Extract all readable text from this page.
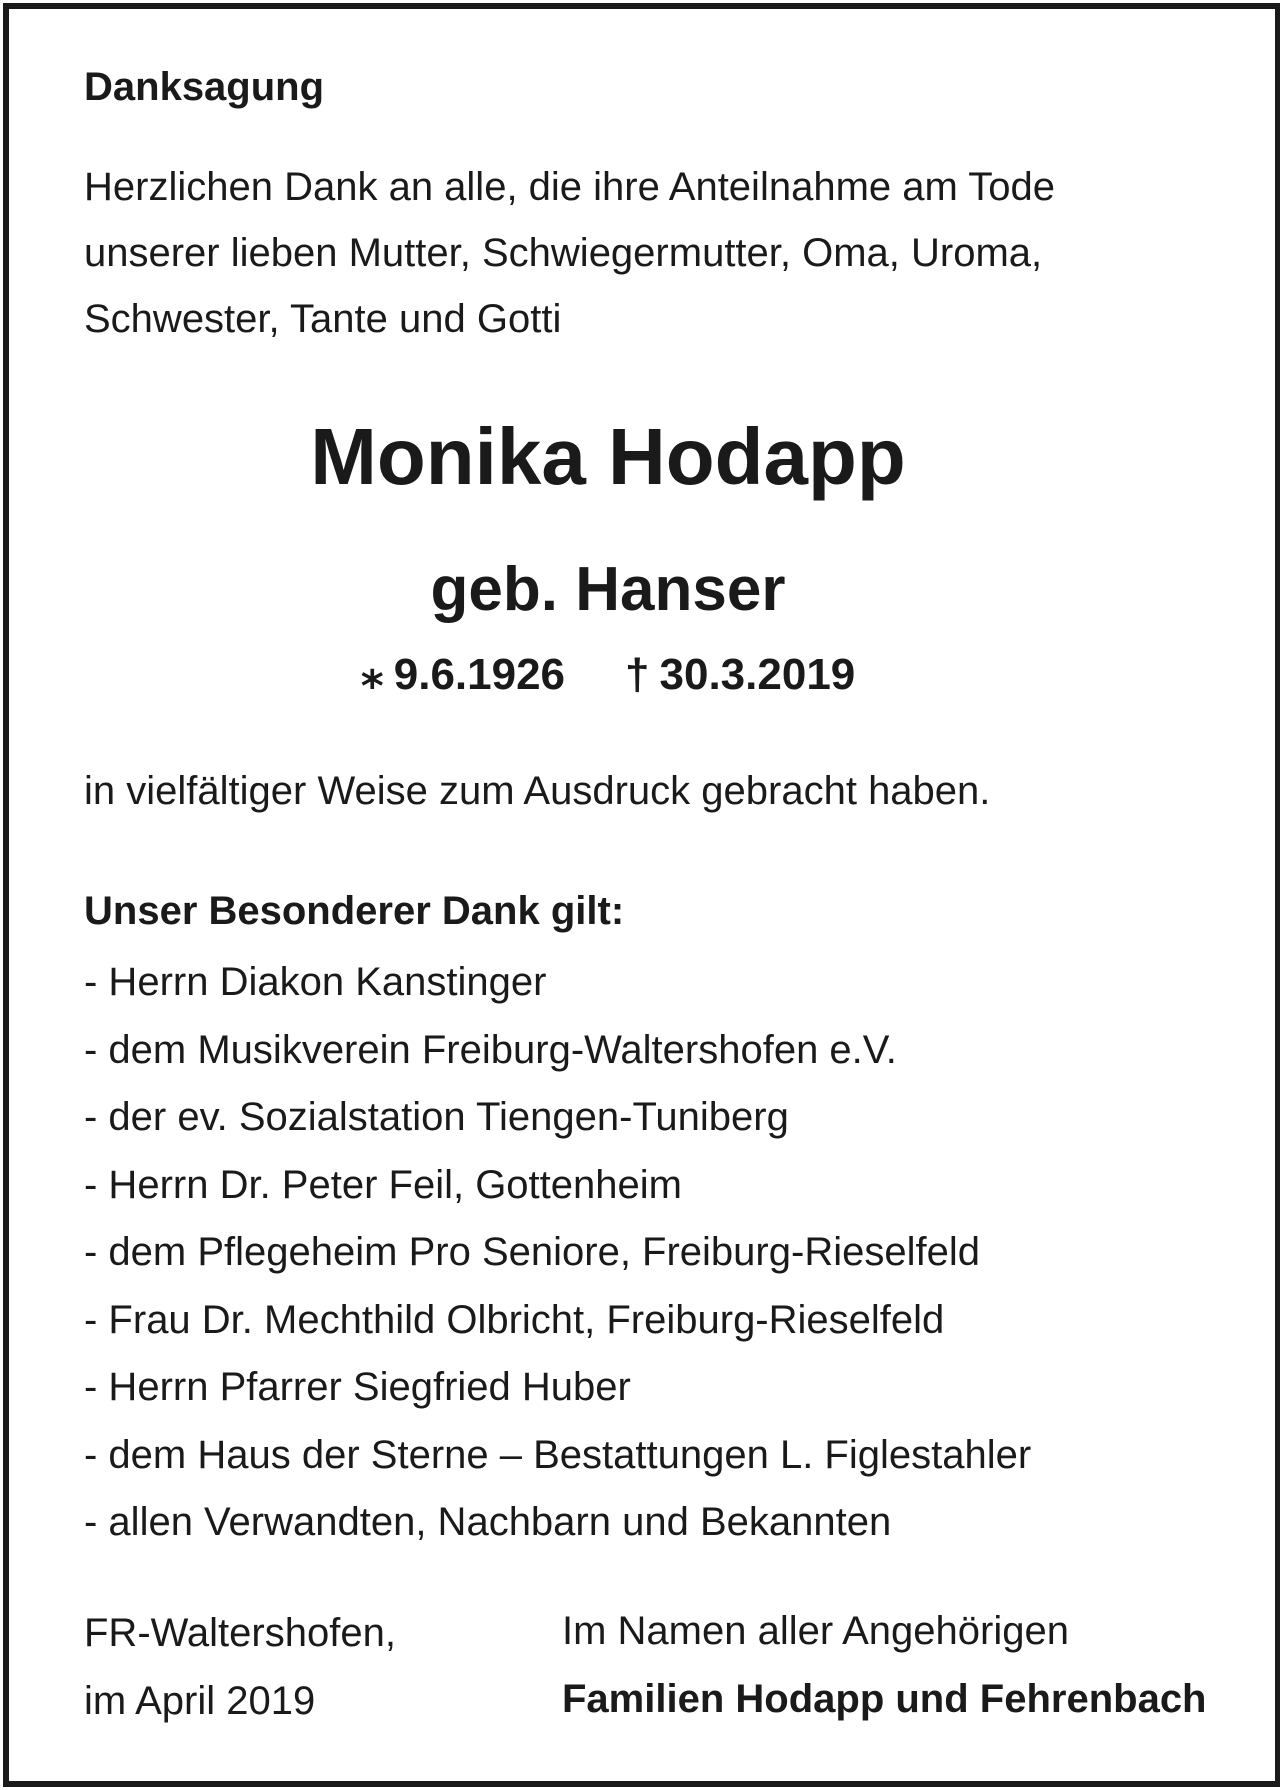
Danksagung
Herzlichen Dank an alle, die ihre Anteilnahme am Tode
unserer lieben Mutter, Schwiegermutter, Oma, Uroma,
Schwester, Tante und Gotti
Monika Hodapp
geb. Hanser
⁎ 9.6.1926 † 30.3.2019
in vielfältiger Weise zum Ausdruck gebracht haben.
Unser Besonderer Dank gilt:
- Herrn Diakon Kanstinger
- dem Musikverein Freiburg-Waltershofen e.V.
- der ev. Sozialstation Tiengen-Tuniberg
- Herrn Dr. Peter Feil, Gottenheim
- dem Pflegeheim Pro Seniore, Freiburg-Rieselfeld
- Frau Dr. Mechthild Olbricht, Freiburg-Rieselfeld
- Herrn Pfarrer Siegfried Huber
- dem Haus der Sterne – Bestattungen L. Figlestahler
- allen Verwandten, Nachbarn und Bekannten
FR-Waltershofen,
im April 2019
Im Namen aller Angehörigen
Familien Hodapp und Fehrenbach
